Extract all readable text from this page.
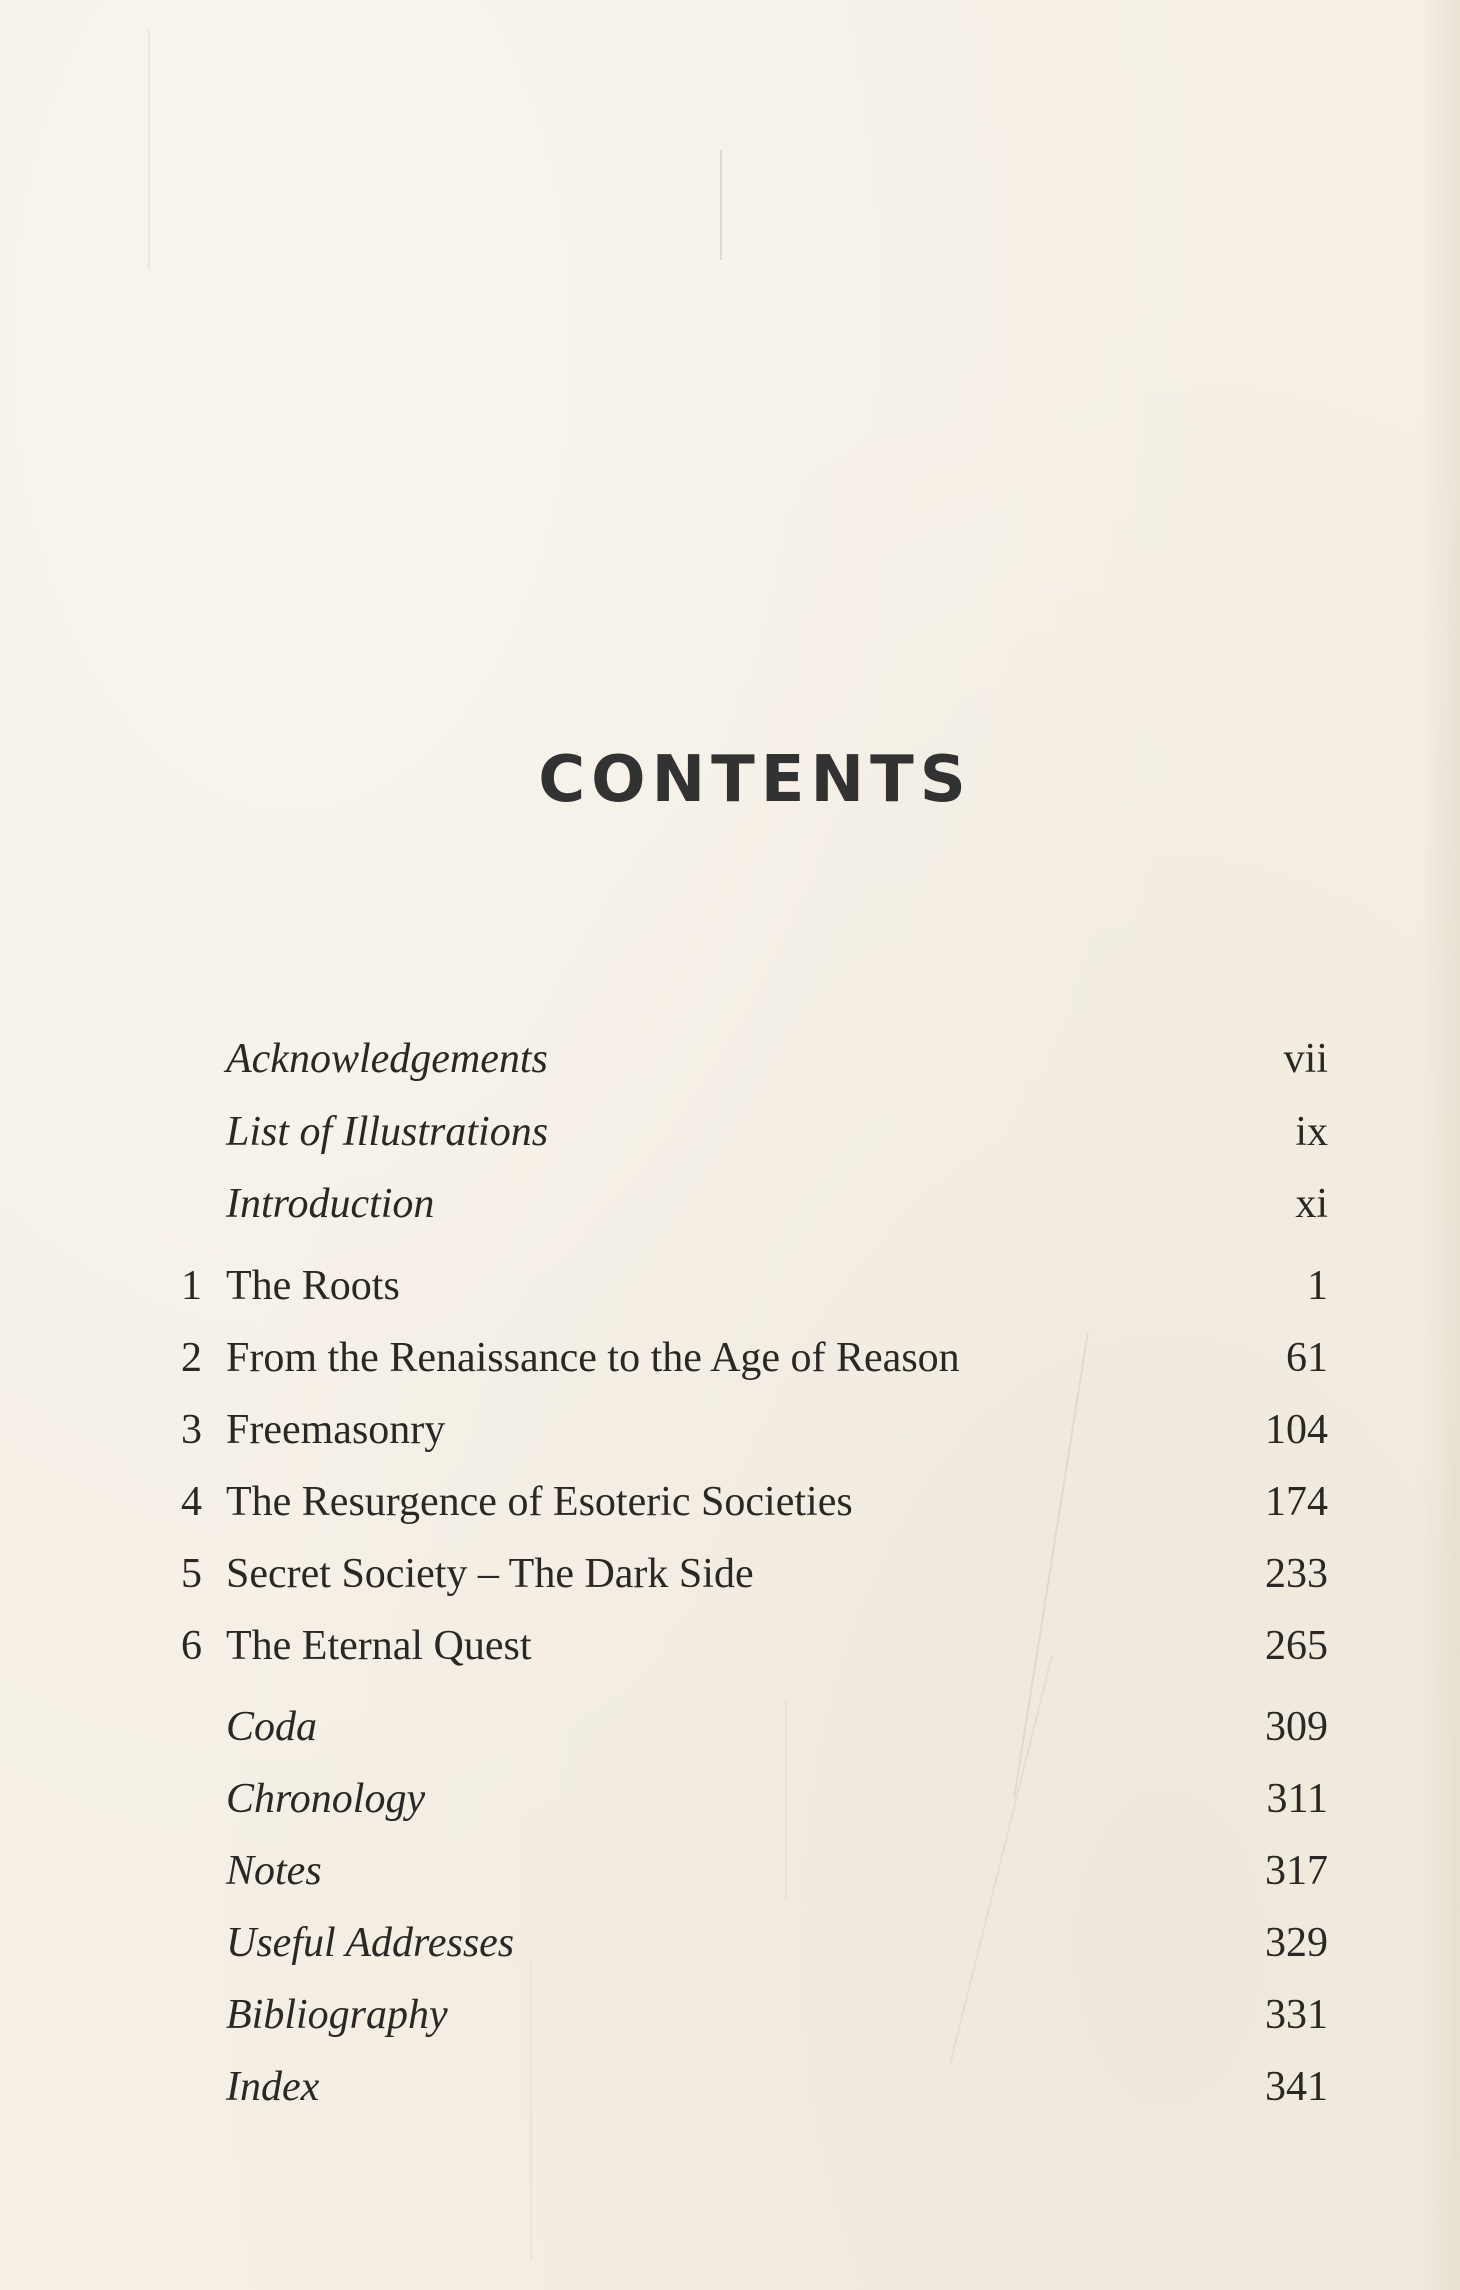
CONTENTS
Acknowledgements	vii
List of Illustrations	ix
Introduction	xi
1 The Roots	1
2 From the Renaissance to the Age of Reason	61
3 Freemasonry	104
4 The Resurgence of Esoteric Societies	174
5 Secret Society – The Dark Side	233
6 The Eternal Quest	265
Coda	309
Chronology	311
Notes	317
Useful Addresses	329
Bibliography	331
Index	341
